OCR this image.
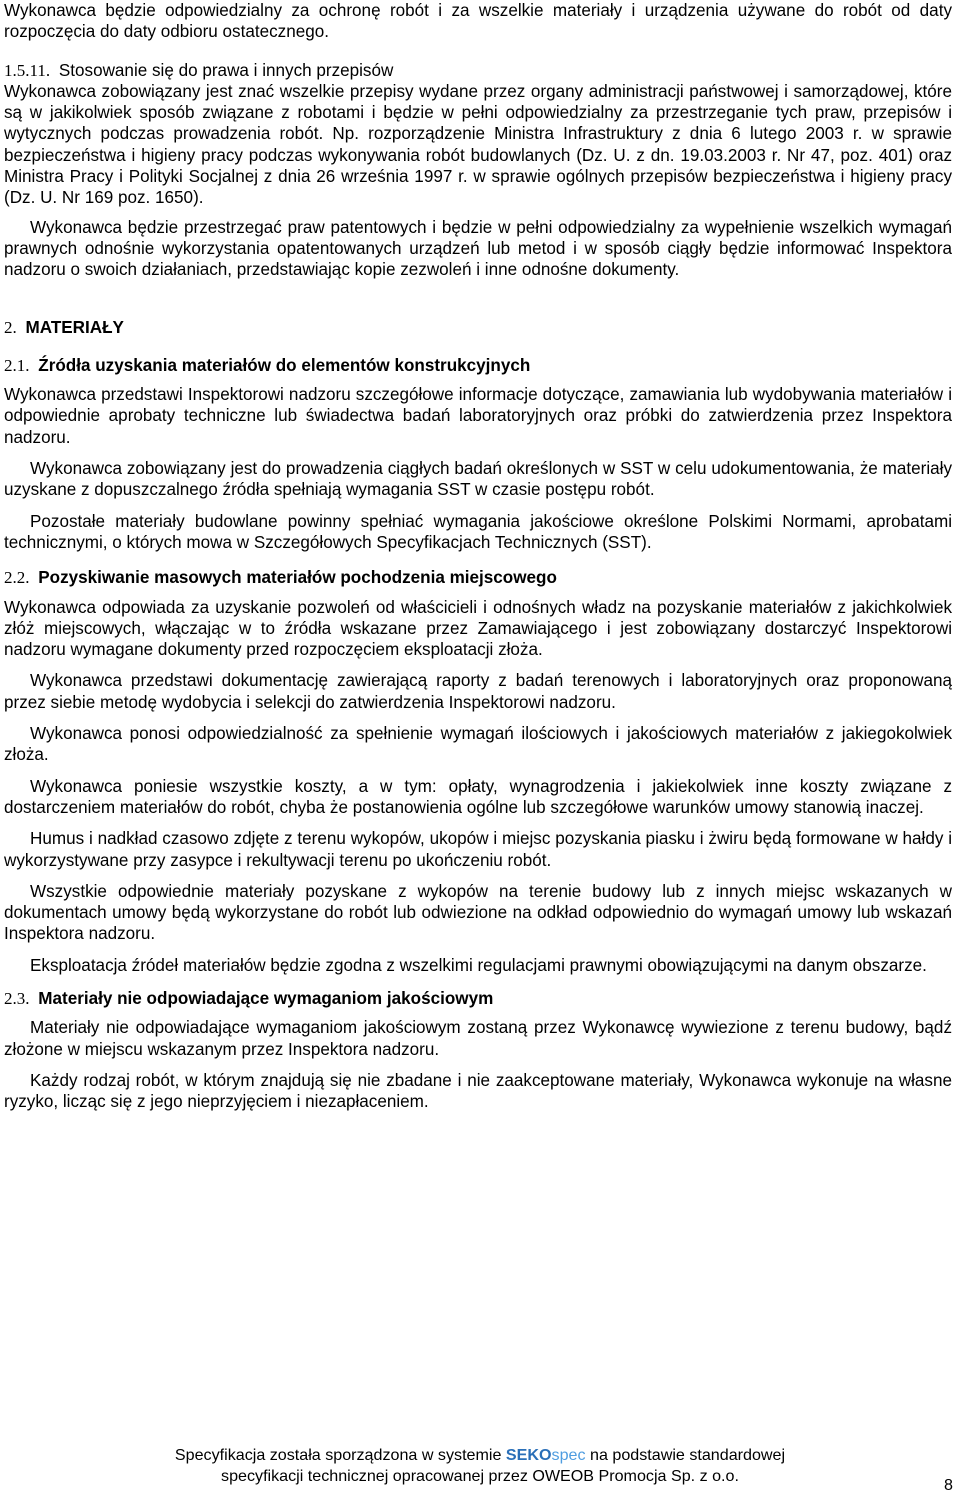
Wykonawca będzie odpowiedzialny za ochronę robót i za wszelkie materiały i urządzenia używane do robót od daty rozpoczęcia do daty odbioru ostatecznego.

1.5.11. Stosowanie się do prawa i innych przepisów

Wykonawca zobowiązany jest znać wszelkie przepisy wydane przez organy administracji państwowej i samorządowej, które są w jakikolwiek sposób związane z robotami i będzie w pełni odpowiedzialny za przestrzeganie tych praw, przepisów i wytycznych podczas prowadzenia robót. Np. rozporządzenie Ministra Infrastruktury z dnia 6 lutego 2003 r. w sprawie bezpieczeństwa i higieny pracy podczas wykonywania robót budowlanych (Dz. U. z dn. 19.03.2003 r. Nr 47, poz. 401) oraz Ministra Pracy i Polityki Socjalnej z dnia 26 września 1997 r. w sprawie ogólnych przepisów bezpieczeństwa i higieny pracy (Dz. U. Nr 169 poz. 1650).

Wykonawca będzie przestrzegać praw patentowych i będzie w pełni odpowiedzialny za wypełnienie wszelkich wymagań prawnych odnośnie wykorzystania opatentowanych urządzeń lub metod i w sposób ciągły będzie informować Inspektora nadzoru o swoich działaniach, przedstawiając kopie zezwoleń i inne odnośne dokumenty.

2. MATERIAŁY

2.1. Źródła uzyskania materiałów do elementów konstrukcyjnych

Wykonawca przedstawi Inspektorowi nadzoru szczegółowe informacje dotyczące, zamawiania lub wydobywania materiałów i odpowiednie aprobaty techniczne lub świadectwa badań laboratoryjnych oraz próbki do zatwierdzenia przez Inspektora nadzoru.

Wykonawca zobowiązany jest do prowadzenia ciągłych badań określonych w SST w celu udokumentowania, że materiały uzyskane z dopuszczalnego źródła spełniają wymagania SST w czasie postępu robót.

Pozostałe materiały budowlane powinny spełniać wymagania jakościowe określone Polskimi Normami, aprobatami technicznymi, o których mowa w Szczegółowych Specyfikacjach Technicznych (SST).

2.2. Pozyskiwanie masowych materiałów pochodzenia miejscowego

Wykonawca odpowiada za uzyskanie pozwoleń od właścicieli i odnośnych władz na pozyskanie materiałów z jakichkolwiek złóż miejscowych, włączając w to źródła wskazane przez Zamawiającego i jest zobowiązany dostarczyć Inspektorowi nadzoru wymagane dokumenty przed rozpoczęciem eksploatacji złoża.

Wykonawca przedstawi dokumentację zawierającą raporty z badań terenowych i laboratoryjnych oraz proponowaną przez siebie metodę wydobycia i selekcji do zatwierdzenia Inspektorowi nadzoru.

Wykonawca ponosi odpowiedzialność za spełnienie wymagań ilościowych i jakościowych materiałów z jakiegokolwiek złoża.

Wykonawca poniesie wszystkie koszty, a w tym: opłaty, wynagrodzenia i jakiekolwiek inne koszty związane z dostarczeniem materiałów do robót, chyba że postanowienia ogólne lub szczegółowe warunków umowy stanowią inaczej.

Humus i nadkład czasowo zdjęte z terenu wykopów, ukopów i miejsc pozyskania piasku i żwiru będą formowane w hałdy i wykorzystywane przy zasypce i rekultywacji terenu po ukończeniu robót.

Wszystkie odpowiednie materiały pozyskane z wykopów na terenie budowy lub z innych miejsc wskazanych w dokumentach umowy będą wykorzystane do robót lub odwiezione na odkład odpowiednio do wymagań umowy lub wskazań Inspektora nadzoru.

Eksploatacja źródeł materiałów będzie zgodna z wszelkimi regulacjami prawnymi obowiązującymi na danym obszarze.

2.3. Materiały nie odpowiadające wymaganiom jakościowym

Materiały nie odpowiadające wymaganiom jakościowym zostaną przez Wykonawcę wywiezione z terenu budowy, bądź złożone w miejscu wskazanym przez Inspektora nadzoru.

Każdy rodzaj robót, w którym znajdują się nie zbadane i nie zaakceptowane materiały, Wykonawca wykonuje na własne ryzyko, licząc się z jego nieprzyjęciem i niezapłaceniem.

Specyfikacja została sporządzona w systemie SEKOspec na podstawie standardowej
specyfikacji technicznej opracowanej przez OWEOB Promocja Sp. z o.o.
8
